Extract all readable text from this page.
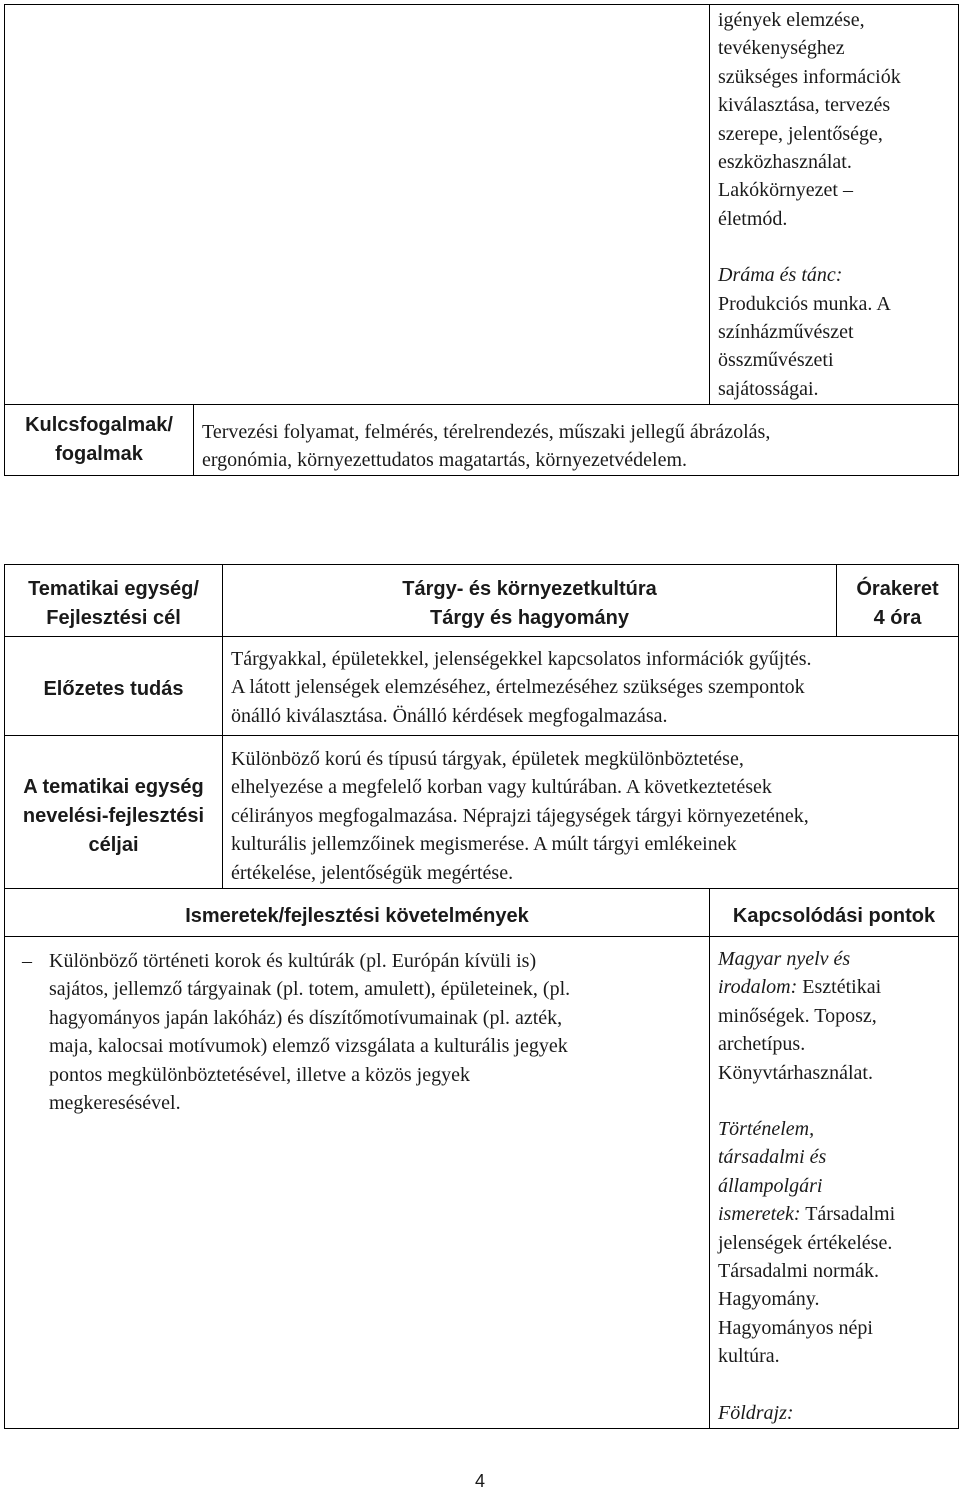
igények elemzése,
tevékenységhez
szükséges információk
kiválasztása, tervezés
szerepe, jelentősége,
eszközhasználat.
Lakókörnyezet –
életmód.
Dráma és tánc:
Produkciós munka. A
színházművészet
összművészeti
sajátosságai.
Kulcsfogalmak/
fogalmak
Tervezési folyamat, felmérés, térelrendezés, műszaki jellegű ábrázolás,
ergonómia, környezettudatos magatartás, környezetvédelem.
Tematikai egység/
Fejlesztési cél
Tárgy- és környezetkultúra
Tárgy és hagyomány
Órakeret
4 óra
Előzetes tudás
Tárgyakkal, épületekkel, jelenségekkel kapcsolatos információk gyűjtés.
A látott jelenségek elemzéséhez, értelmezéséhez szükséges szempontok
önálló kiválasztása. Önálló kérdések megfogalmazása.
A tematikai egység
nevelési-fejlesztési
céljai
Különböző korú és típusú tárgyak, épületek megkülönböztetése,
elhelyezése a megfelelő korban vagy kultúrában. A következtetések
célirányos megfogalmazása. Néprajzi tájegységek tárgyi környezetének,
kulturális jellemzőinek megismerése. A múlt tárgyi emlékeinek
értékelése, jelentőségük megértése.
Ismeretek/fejlesztési követelmények	Kapcsolódási pontok
– Különböző történeti korok és kultúrák (pl. Európán kívüli is)
sajátos, jellemző tárgyainak (pl. totem, amulett), épületeinek, (pl.
hagyományos japán lakóház) és díszítőmotívumainak (pl. azték,
maja, kalocsai motívumok) elemző vizsgálata a kulturális jegyek
pontos megkülönböztetésével, illetve a közös jegyek
megkeresésével.
Magyar nyelv és
irodalom: Esztétikai
minőségek. Toposz,
archetípus.
Könyvtárhasználat.
Történelem,
társadalmi és
állampolgári
ismeretek: Társadalmi
jelenségek értékelése.
Társadalmi normák.
Hagyomány.
Hagyományos népi
kultúra.
Földrajz:
4
